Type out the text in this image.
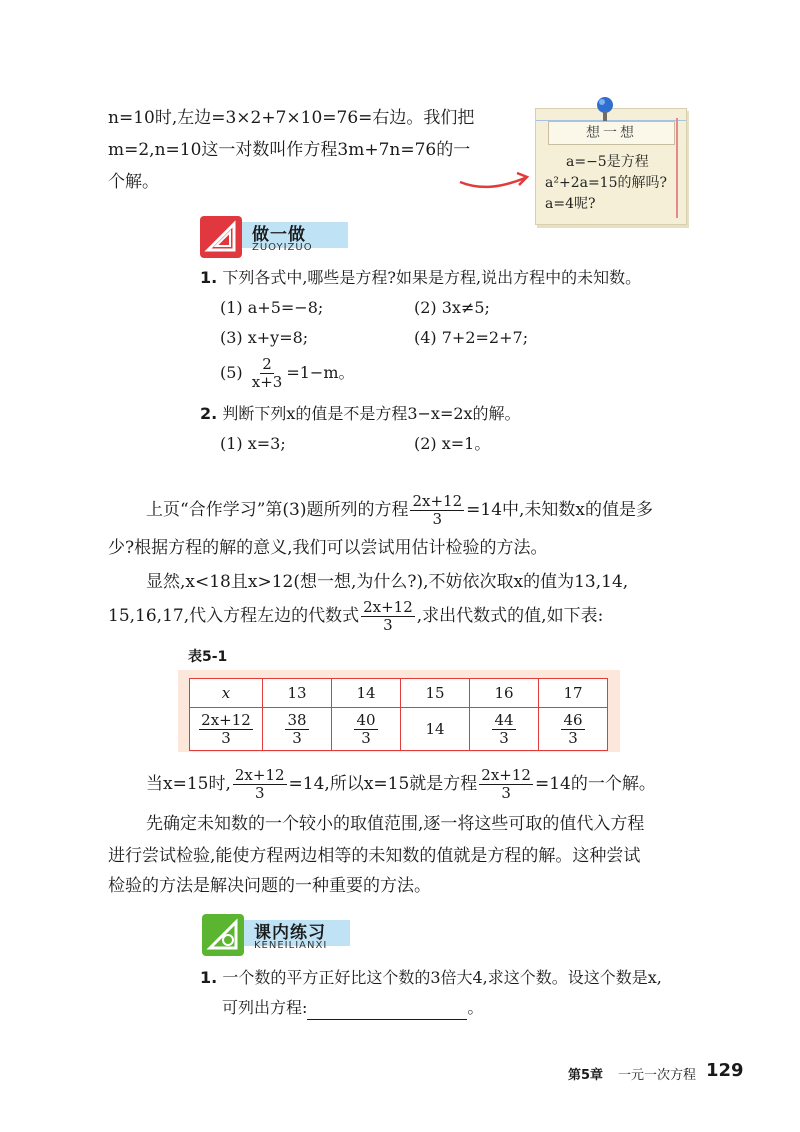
n=10时,左边=3×2+7×10=76=右边。我们把
m=2,n=10这一对数叫作方程3m+7n=76的一
个解。
想一想
a=−5是方程
a²+2a=15的解吗?
a=4呢?
做一做
ZUOYIZUO
1. 下列各式中,哪些是方程?如果是方程,说出方程中的未知数。
(1) a+5=−8;	(2) 3x≠5;
(3) x+y=8;	(4) 7+2=2+7;
$(5) \frac{2}{x+3} =1-m$。
2. 判断下列x的值是不是方程3−x=2x的解。
(1) x=3;	(2) x=1。
上页“合作学习”第(3)题所列的方程 $\frac{2x+12}{3} =14$中,未知数x的值是多
少?根据方程的解的意义,我们可以尝试用估计检验的方法。
显然,x<18且x>12(想一想,为什么?),不妨依次取x的值为13,14,
15,16,17,代入方程左边的代数式 $\frac{2x+12}{3}$ ,求出代数式的值,如下表:
表5-1
x	13	14	15	16	17

$\frac{2x+12}{3}$	$\frac{38}{3}$	$\frac{40}{3}$	14	$\frac{44}{3}$	$\frac{46}{3}$
当x=15时, $\frac{2x+12}{3} =14$,所以x=15就是方程 $\frac{2x+12}{3} =14$的一个解。
先确定未知数的一个较小的取值范围,逐一将这些可取的值代入方程
进行尝试检验,能使方程两边相等的未知数的值就是方程的解。这种尝试
检验的方法是解决问题的一种重要的方法。
课内练习
KENEILIANXI
1. 一个数的平方正好比这个数的3倍大4,求这个数。设这个数是x,
可列出方程:	。
第5章 一元一次方程 129
